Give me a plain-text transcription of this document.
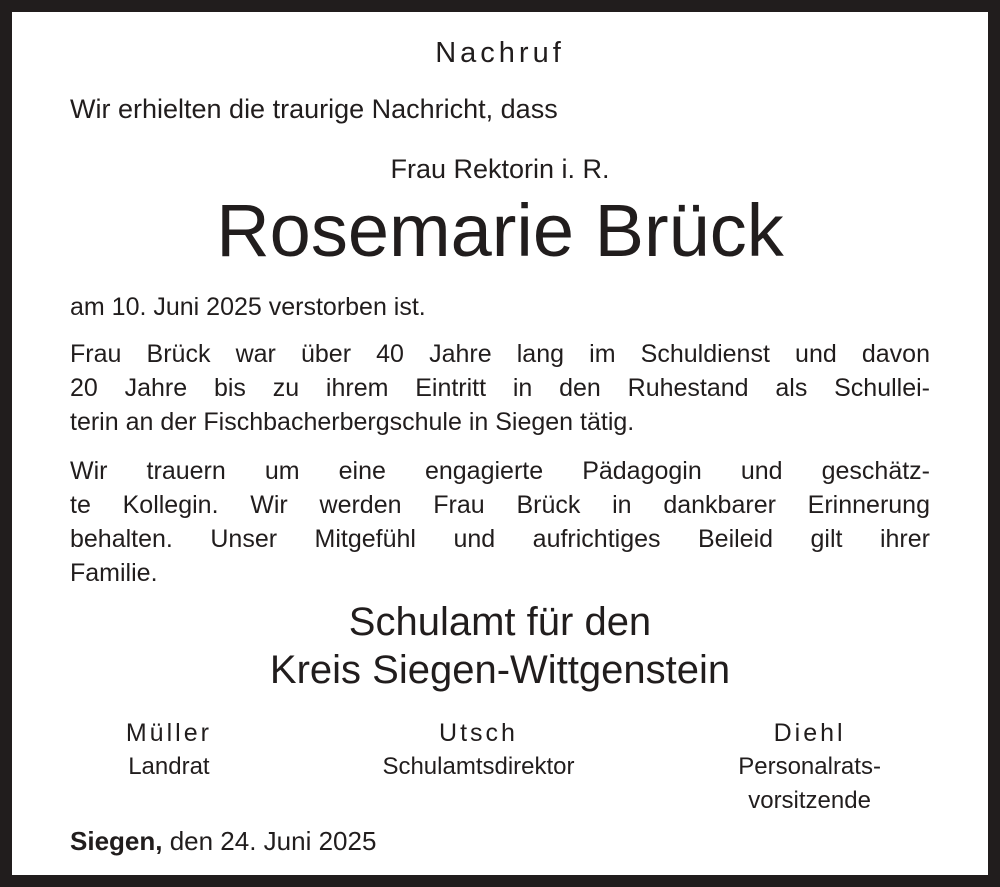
Nachruf
Wir erhielten die traurige Nachricht, dass
Frau Rektorin i. R.
Rosemarie Brück
am 10. Juni 2025 verstorben ist.
Frau Brück war über 40 Jahre lang im Schuldienst und davon
20 Jahre bis zu ihrem Eintritt in den Ruhestand als Schullei-
terin an der Fischbacherbergschule in Siegen tätig.
Wir trauern um eine engagierte Pädagogin und geschätz-
te Kollegin. Wir werden Frau Brück in dankbarer Erinnerung
behalten. Unser Mitgefühl und aufrichtiges Beileid gilt ihrer
Familie.
Schulamt für den
Kreis Siegen-Wittgenstein
Müller
Landrat
Utsch
Schulamtsdirektor
Diehl
Personalrats-
vorsitzende
Siegen, den 24. Juni 2025
